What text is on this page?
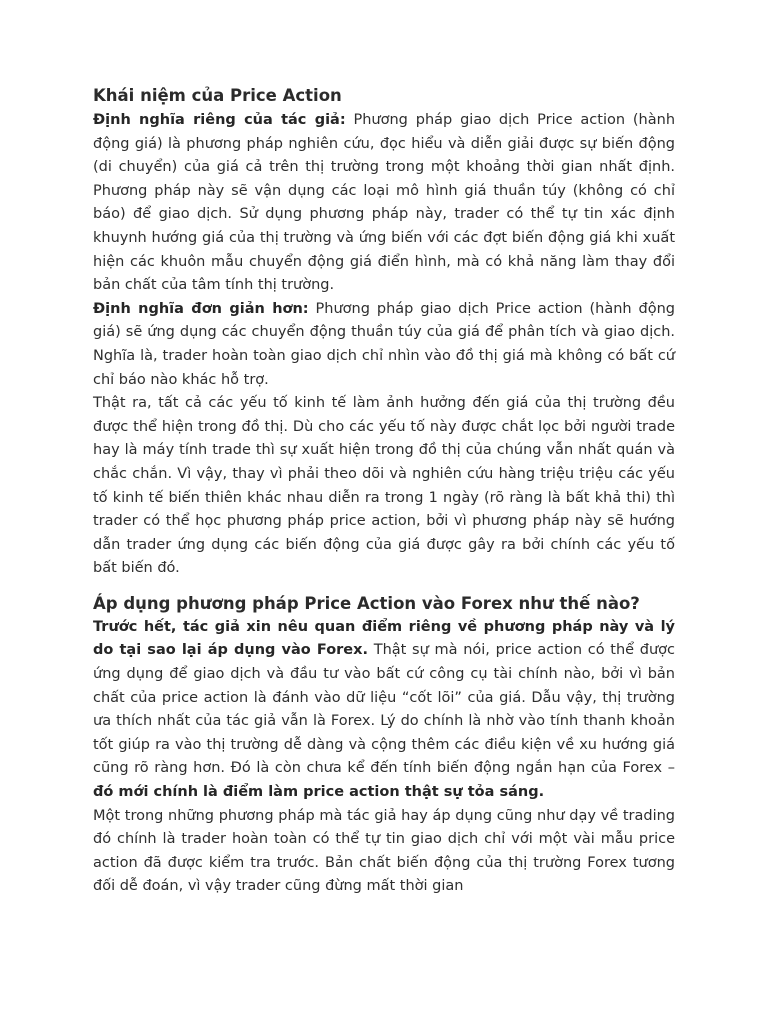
Khái niệm của Price Action

Định nghĩa riêng của tác giả: Phương pháp giao dịch Price action (hành động giá) là phương pháp nghiên cứu, đọc hiểu và diễn giải được sự biến động (di chuyển) của giá cả trên thị trường trong một khoảng thời gian nhất định. Phương pháp này sẽ vận dụng các loại mô hình giá thuần túy (không có chỉ báo) để giao dịch. Sử dụng phương pháp này, trader có thể tự tin xác định khuynh hướng giá của thị trường và ứng biến với các đợt biến động giá khi xuất hiện các khuôn mẫu chuyển động giá điển hình, mà có khả năng làm thay đổi bản chất của tâm tính thị trường.

Định nghĩa đơn giản hơn: Phương pháp giao dịch Price action (hành động giá) sẽ ứng dụng các chuyển động thuần túy của giá để phân tích và giao dịch. Nghĩa là, trader hoàn toàn giao dịch chỉ nhìn vào đồ thị giá mà không có bất cứ chỉ báo nào khác hỗ trợ.

Thật ra, tất cả các yếu tố kinh tế làm ảnh hưởng đến giá của thị trường đều được thể hiện trong đồ thị. Dù cho các yếu tố này được chắt lọc bởi người trade hay là máy tính trade thì sự xuất hiện trong đồ thị của chúng vẫn nhất quán và chắc chắn. Vì vậy, thay vì phải theo dõi và nghiên cứu hàng triệu triệu các yếu tố kinh tế biến thiên khác nhau diễn ra trong 1 ngày (rõ ràng là bất khả thi) thì trader có thể học phương pháp price action, bởi vì phương pháp này sẽ hướng dẫn trader ứng dụng các biến động của giá được gây ra bởi chính các yếu tố bất biến đó.

Áp dụng phương pháp Price Action vào Forex như thế nào?

Trước hết, tác giả xin nêu quan điểm riêng về phương pháp này và lý do tại sao lại áp dụng vào Forex. Thật sự mà nói, price action có thể được ứng dụng để giao dịch và đầu tư vào bất cứ công cụ tài chính nào, bởi vì bản chất của price action là đánh vào dữ liệu “cốt lõi” của giá. Dẫu vậy, thị trường ưa thích nhất của tác giả vẫn là Forex. Lý do chính là nhờ vào tính thanh khoản tốt giúp ra vào thị trường dễ dàng và cộng thêm các điều kiện về xu hướng giá cũng rõ ràng hơn. Đó là còn chưa kể đến tính biến động ngắn hạn của Forex – đó mới chính là điểm làm price action thật sự tỏa sáng.

Một trong những phương pháp mà tác giả hay áp dụng cũng như dạy về trading đó chính là trader hoàn toàn có thể tự tin giao dịch chỉ với một vài mẫu price action đã được kiểm tra trước. Bản chất biến động của thị trường Forex tương đối dễ đoán, vì vậy trader cũng đừng mất thời gian
